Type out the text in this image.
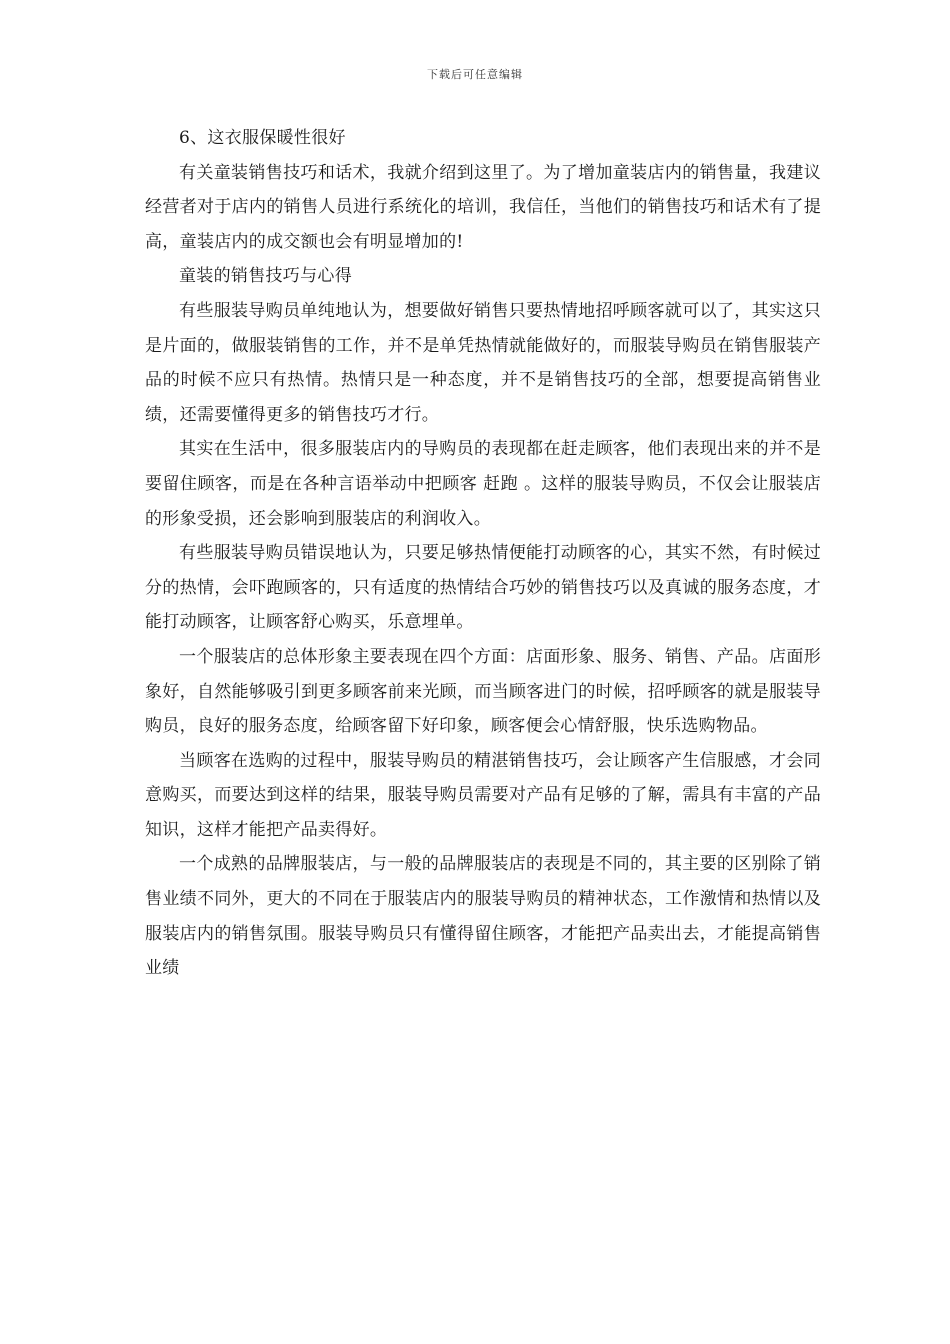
下载后可任意编辑

6、这衣服保暖性很好

有关童装销售技巧和话术，我就介绍到这里了。为了增加童装店内的销售量，我建议经营者对于店内的销售人员进行系统化的培训，我信任，当他们的销售技巧和话术有了提高，童装店内的成交额也会有明显增加的!

童装的销售技巧与心得

有些服装导购员单纯地认为，想要做好销售只要热情地招呼顾客就可以了，其实这只是片面的，做服装销售的工作，并不是单凭热情就能做好的，而服装导购员在销售服装产品的时候不应只有热情。热情只是一种态度，并不是销售技巧的全部，想要提高销售业绩，还需要懂得更多的销售技巧才行。

其实在生活中，很多服装店内的导购员的表现都在赶走顾客，他们表现出来的并不是要留住顾客，而是在各种言语举动中把顾客 赶跑 。这样的服装导购员，不仅会让服装店的形象受损，还会影响到服装店的利润收入。

有些服装导购员错误地认为，只要足够热情便能打动顾客的心，其实不然，有时候过分的热情，会吓跑顾客的，只有适度的热情结合巧妙的销售技巧以及真诚的服务态度，才能打动顾客，让顾客舒心购买，乐意埋单。

一个服装店的总体形象主要表现在四个方面：店面形象、服务、销售、产品。店面形象好，自然能够吸引到更多顾客前来光顾，而当顾客进门的时候，招呼顾客的就是服装导购员，良好的服务态度，给顾客留下好印象，顾客便会心情舒服，快乐选购物品。

当顾客在选购的过程中，服装导购员的精湛销售技巧，会让顾客产生信服感，才会同意购买，而要达到这样的结果，服装导购员需要对产品有足够的了解，需具有丰富的产品知识，这样才能把产品卖得好。

一个成熟的品牌服装店，与一般的品牌服装店的表现是不同的，其主要的区别除了销售业绩不同外，更大的不同在于服装店内的服装导购员的精神状态，工作激情和热情以及服装店内的销售氛围。服装导购员只有懂得留住顾客，才能把产品卖出去，才能提高销售业绩
